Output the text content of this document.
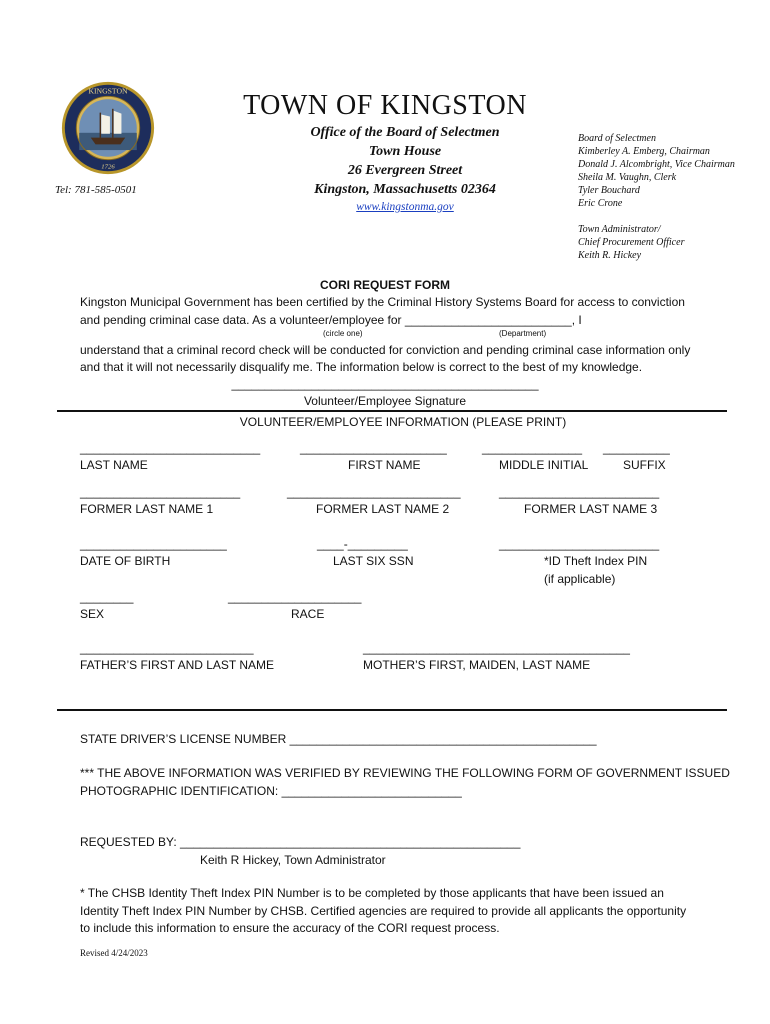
KINGSTON
1726
TOWN OF KINGSTON
Office of the Board of Selectmen
Town House
26 Evergreen Street
Kingston, Massachusetts 02364
www.kingstonma.gov
Tel: 781-585-0501
Board of Selectmen
Kimberley A. Emberg, Chairman
Donald J. Alcombright, Vice Chairman
Sheila M. Vaughn, Clerk
Tyler Bouchard
Eric Crone
Town Administrator/
Chief Procurement Officer
Keith R. Hickey
CORI REQUEST FORM
Kingston Municipal Government has been certified by the Criminal History Systems Board for access to conviction
and pending criminal case data. As a volunteer/employee for _________________________, I
(circle one)	(Department)
understand that a criminal record check will be conducted for conviction and pending criminal case information only
and that it will not necessarily disqualify me. The information below is correct to the best of my knowledge.
______________________________________________
Volunteer/Employee Signature
VOLUNTEER/EMPLOYEE INFORMATION (PLEASE PRINT)
___________________________	______________________	_______________ __________
LAST NAME	FIRST NAME	MIDDLE INITIAL	SUFFIX
________________________	__________________________	________________________
FORMER LAST NAME 1	FORMER LAST NAME 2	FORMER LAST NAME 3
______________________	____-_________	________________________
DATE OF BIRTH	LAST SIX SSN	*ID Theft Index PIN
(if applicable)
________	____________________
SEX	RACE
__________________________	________________________________________
FATHER’S FIRST AND LAST NAME	MOTHER’S FIRST, MAIDEN, LAST NAME
STATE DRIVER’S LICENSE NUMBER ______________________________________________
*** THE ABOVE INFORMATION WAS VERIFIED BY REVIEWING THE FOLLOWING FORM OF GOVERNMENT ISSUED
PHOTOGRAPHIC IDENTIFICATION: ___________________________
REQUESTED BY: ___________________________________________________
Keith R Hickey, Town Administrator
* The CHSB Identity Theft Index PIN Number is to be completed by those applicants that have been issued an
Identity Theft Index PIN Number by CHSB. Certified agencies are required to provide all applicants the opportunity
to include this information to ensure the accuracy of the CORI request process.
Revised 4/24/2023
